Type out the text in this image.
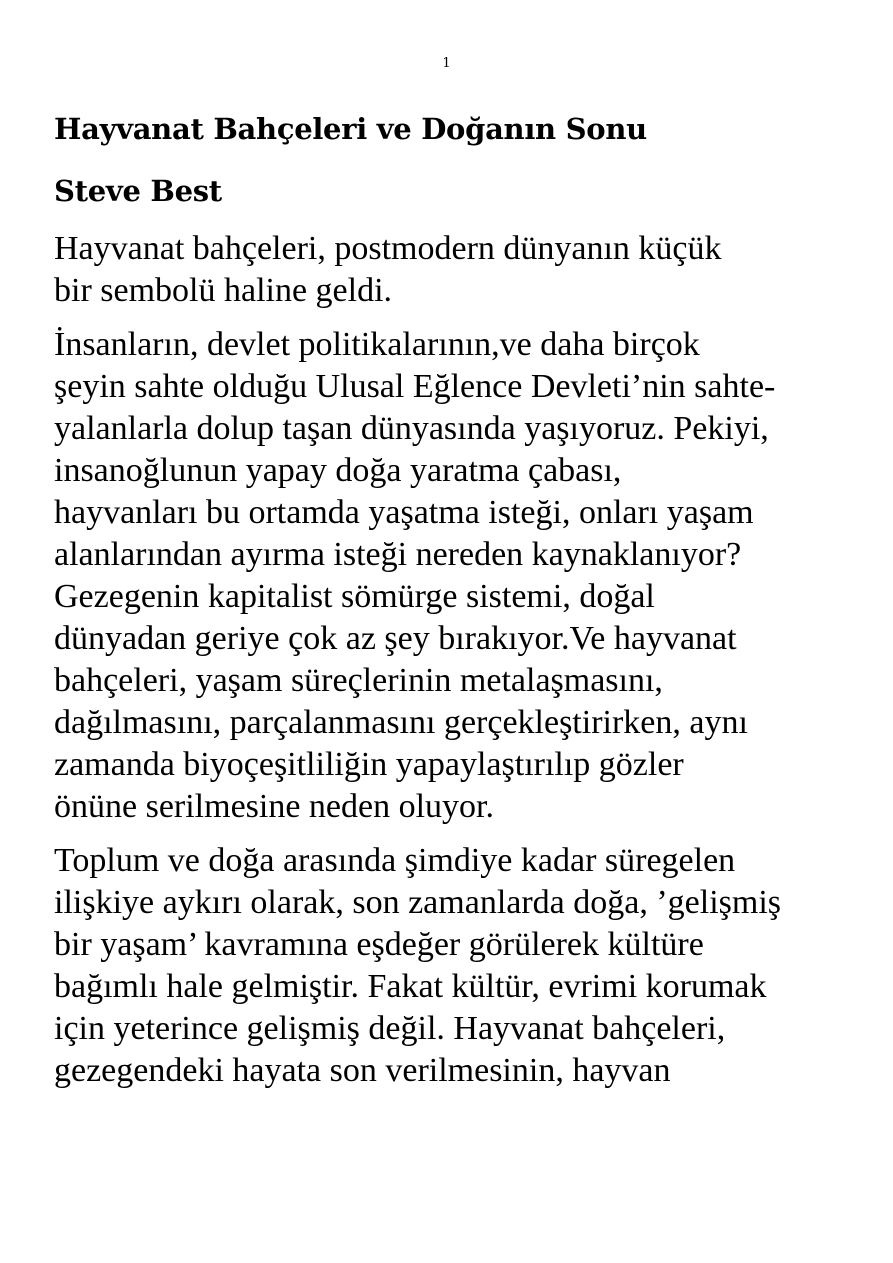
1
Hayvanat Bahçeleri ve Doğanın Sonu
Steve Best

Hayvanat bahçeleri, postmodern dünyanın küçük
bir sembolü haline geldi.

İnsanların, devlet politikalarının,ve daha birçok
şeyin sahte olduğu Ulusal Eğlence Devleti’nin sahte-
yalanlarla dolup taşan dünyasında yaşıyoruz. Pekiyi,
insanoğlunun yapay doğa yaratma çabası,
hayvanları bu ortamda yaşatma isteği, onları yaşam
alanlarından ayırma isteği nereden kaynaklanıyor?
Gezegenin kapitalist sömürge sistemi, doğal
dünyadan geriye çok az şey bırakıyor.Ve hayvanat
bahçeleri, yaşam süreçlerinin metalaşmasını,
dağılmasını, parçalanmasını gerçekleştirirken, aynı
zamanda biyoçeşitliliğin yapaylaştırılıp gözler
önüne serilmesine neden oluyor.

Toplum ve doğa arasında şimdiye kadar süregelen
ilişkiye aykırı olarak, son zamanlarda doğa, ’gelişmiş
bir yaşam’ kavramına eşdeğer görülerek kültüre
bağımlı hale gelmiştir. Fakat kültür, evrimi korumak
için yeterince gelişmiş değil. Hayvanat bahçeleri,
gezegendeki hayata son verilmesinin, hayvan
